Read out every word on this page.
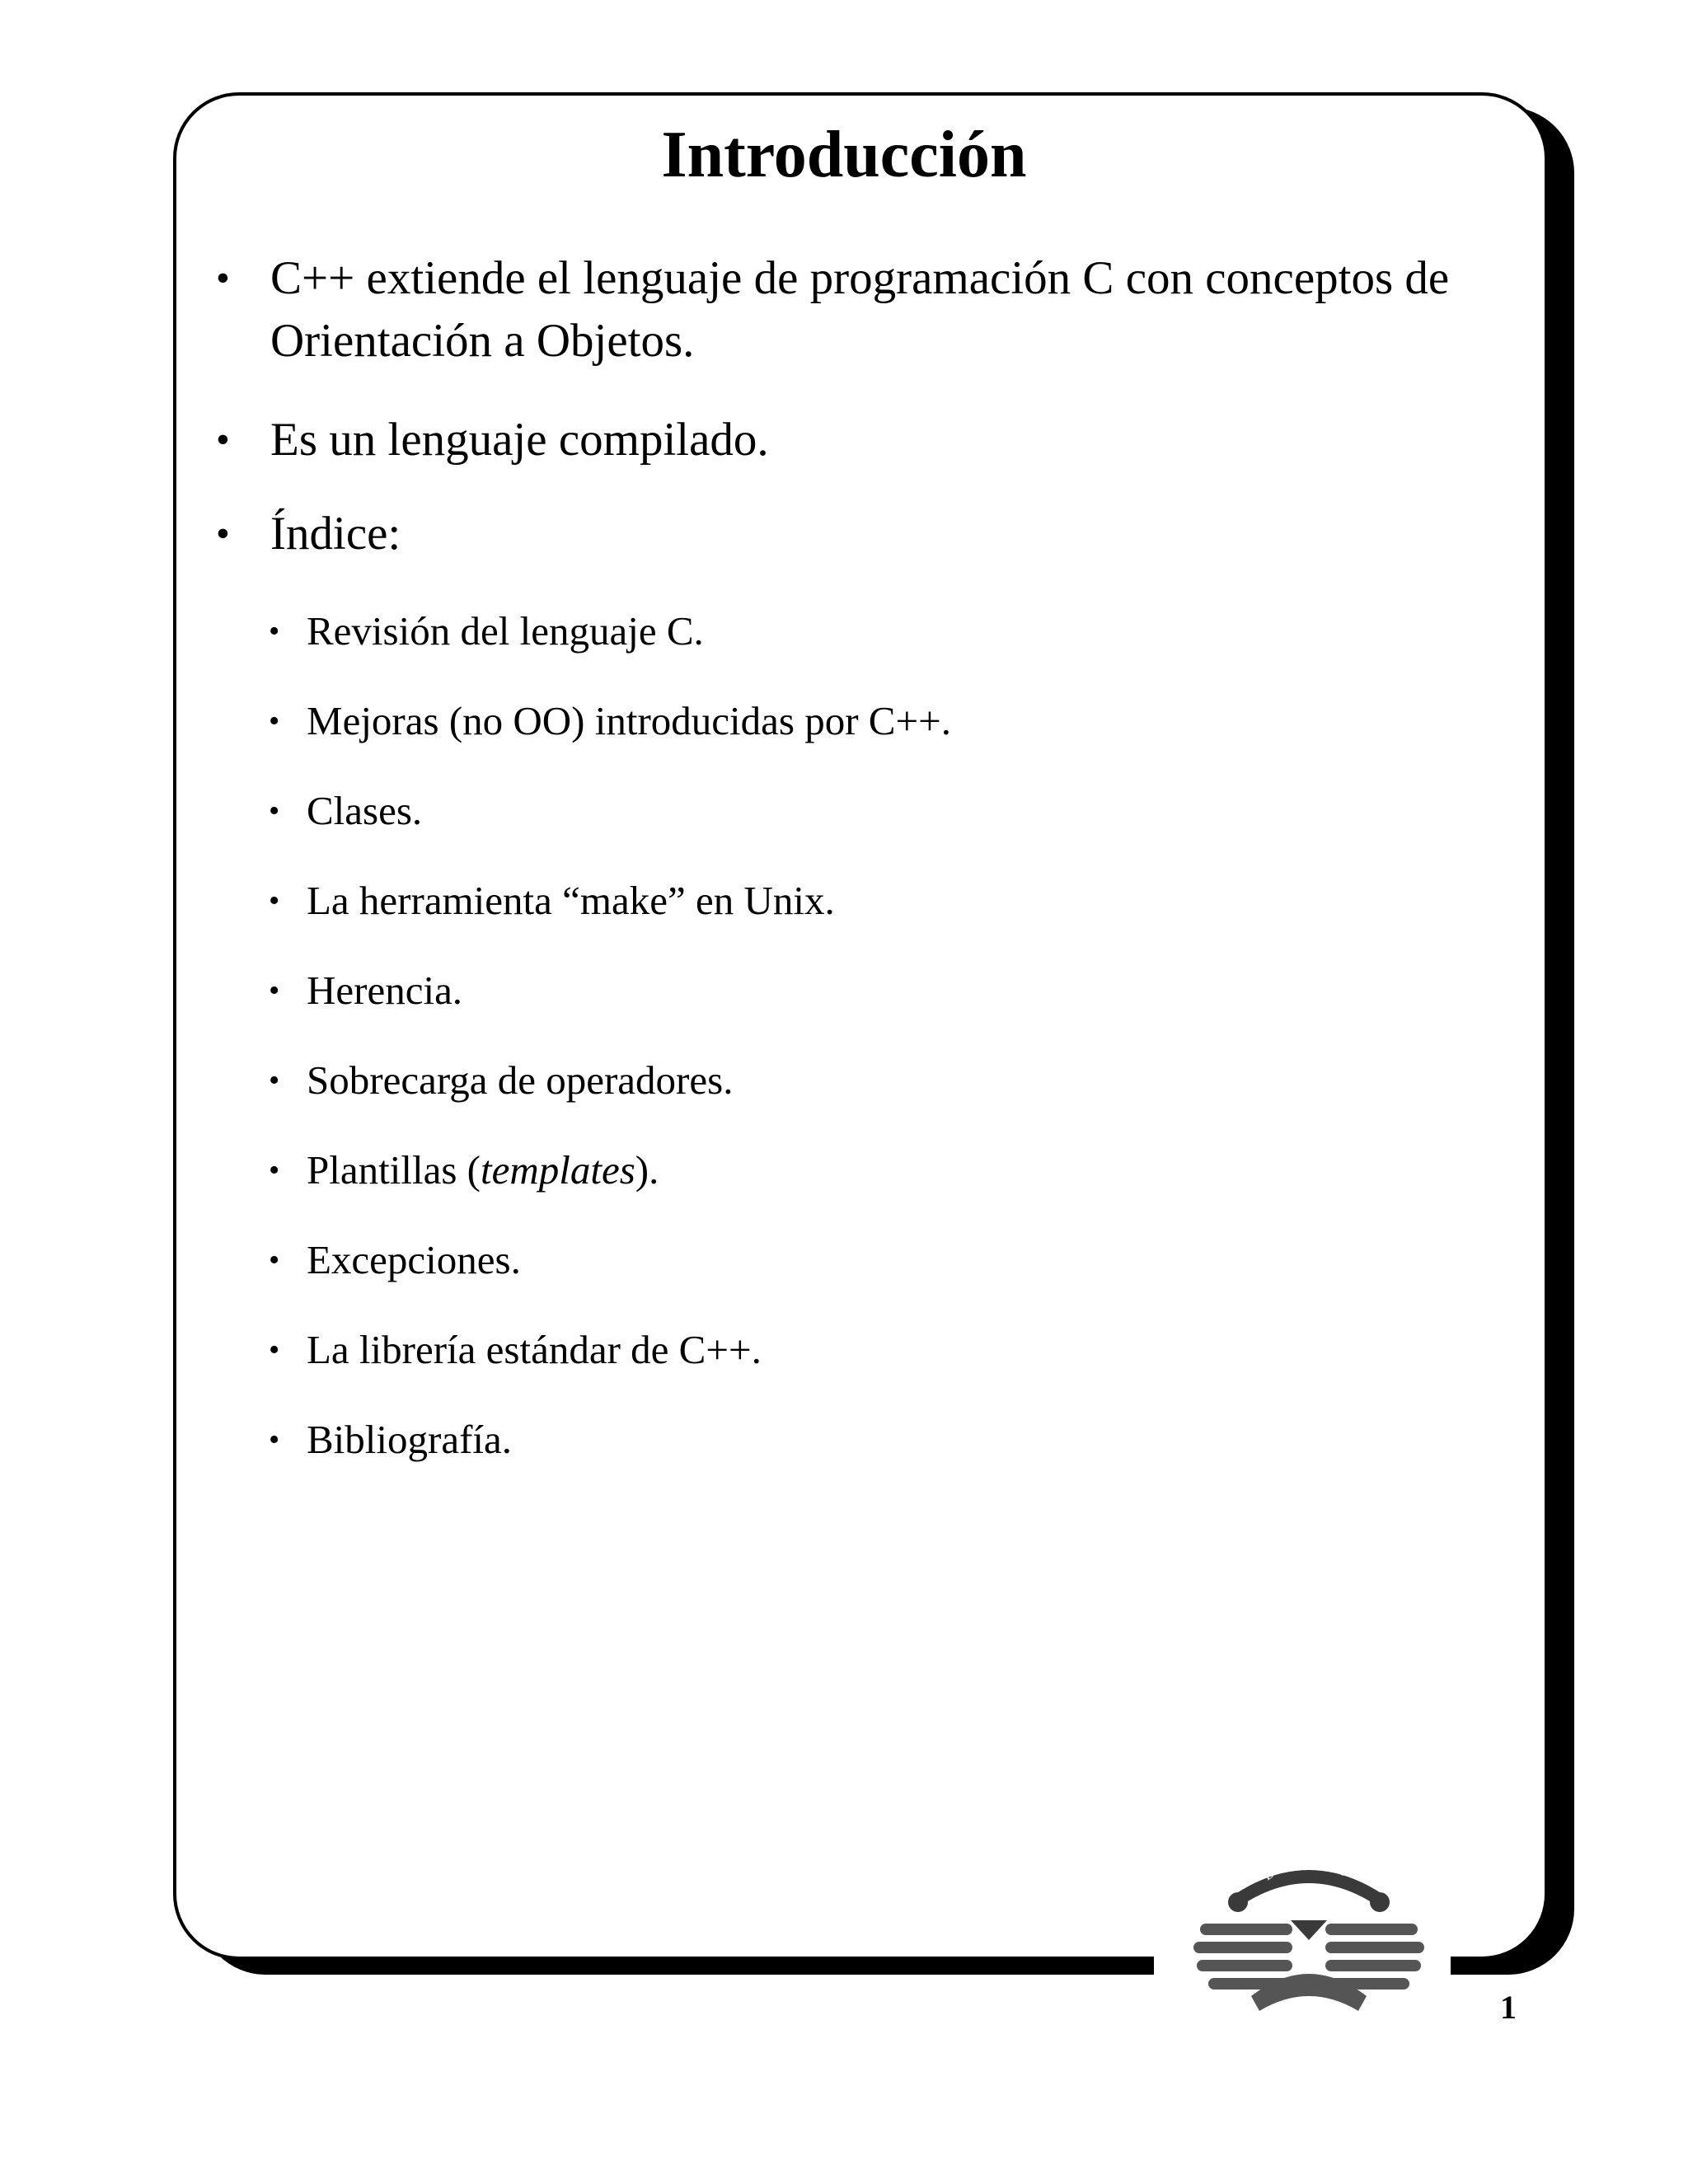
Introducción
• C++ extiende el lenguaje de programación C con conceptos de Orientación a Objetos.
• Es un lenguaje compilado.
• Índice:
• Revisión del lenguaje C.
• Mejoras (no OO) introducidas por C++.
• Clases.
• La herramienta “make” en Unix.
• Herencia.
• Sobrecarga de operadores.
• Plantillas (templates).
• Excepciones.
• La librería estándar de C++.
• Bibliografía.
BAC LUCE
1
